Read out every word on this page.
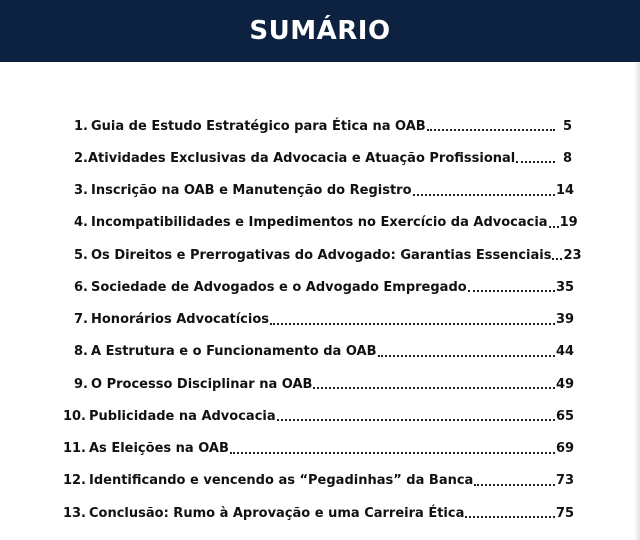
SUMÁRIO
1. Guia de Estudo Estratégico para Ética na OAB	5
2. Atividades Exclusivas da Advocacia e Atuação Profissional	8
3. Inscrição na OAB e Manutenção do Registro	14
4. Incompatibilidades e Impedimentos no Exercício da Advocacia 19
5. Os Direitos e Prerrogativas do Advogado: Garantias Essenciais 23
6. Sociedade de Advogados e o Advogado Empregado	35
7. Honorários Advocatícios	39
8. A Estrutura e o Funcionamento da OAB	44
9. O Processo Disciplinar na OAB	49
10. Publicidade na Advocacia	65
11. As Eleições na OAB	69
12. Identificando e vencendo as “Pegadinhas” da Banca	73
13. Conclusão: Rumo à Aprovação e uma Carreira Ética	75
